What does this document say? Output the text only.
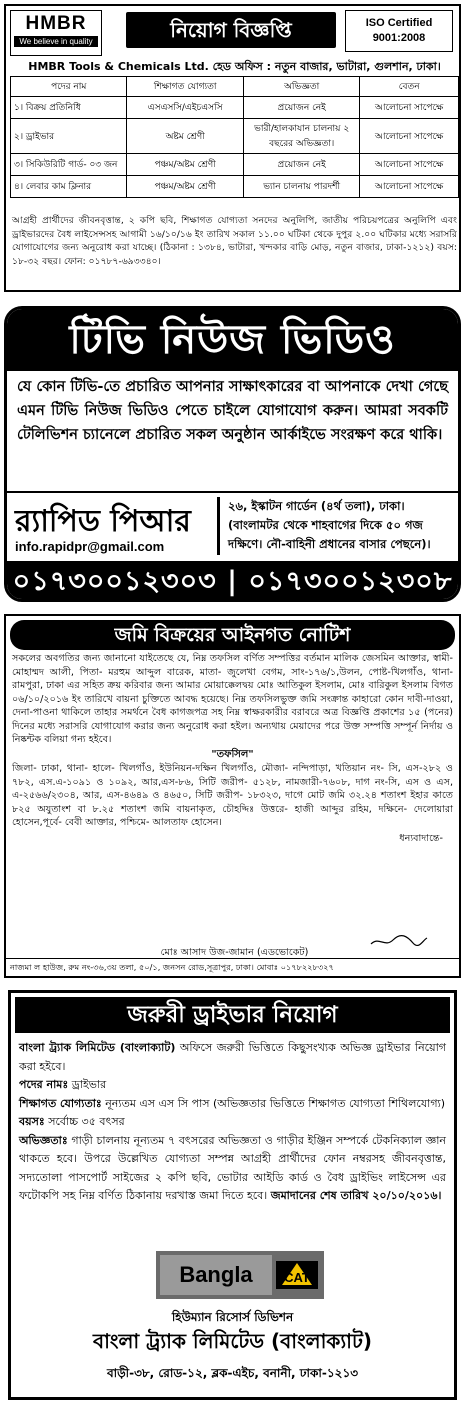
HMBR
We believe in quality	নিয়োগ বিজ্ঞপ্তি	ISO Certified
9001:2008
HMBR Tools & Chemicals Ltd. হেড অফিস : নতুন বাজার, ভাটারা, গুলশান, ঢাকা।
পদের নাম	শিক্ষাগত যোগ্যতা	অভিজ্ঞতা	বেতন
১। বিক্রয় প্রতিনিধি	এসএসসি/এইচএসসি	প্রয়োজন নেই	আলোচনা সাপেক্ষে
২। ড্রাইভার	অষ্টম শ্রেণী	ভারী/হালকাযান চালনায় ২ বছরের অভিজ্ঞতা।	আলোচনা সাপেক্ষে
৩। সিকিউরিটি গার্ড- ০৩ জন	পঞ্চম/অষ্টম শ্রেণী	প্রয়োজন নেই	আলোচনা সাপেক্ষে
৪। লেবার কাম ক্লিনার	পঞ্চম/অষ্টম শ্রেণী	ভ্যান চালনায় পারদর্শী	আলোচনা সাপেক্ষে
আগ্রহী প্রার্থীদের জীবনবৃত্তান্ত, ২ কপি ছবি, শিক্ষাগত যোগ্যতা সনদের অনুলিপি, জাতীয় পরিচয়পত্রের অনুলিপি এবং ড্রাইভারদের বৈধ লাইসেন্সসহ আগামী ১৬/১০/১৬ ইং তারিখ সকাল ১১.০০ ঘটিকা থেকে দুপুর ২.০০ ঘটিকার মধ্যে সরাসরি যোগাযোগের জন্য অনুরোধ করা যাচ্ছে। (ঠিকানা : ১৩৮৪, ভাটারা, খন্দকার বাড়ি মোড়, নতুন বাজার, ঢাকা-১২১২) বয়স: ১৮-৩২ বছর। ফোন: ০১৭৮৭-৬৯৩৩৪০।
টিভি নিউজ ভিডিও
যে কোন টিভি-তে প্রচারিত আপনার সাক্ষাৎকারের বা আপনাকে দেখা গেছে এমন টিভি নিউজ ভিডিও পেতে চাইলে যোগাযোগ করুন। আমরা সবকটি টেলিভিশন চ্যানেলে প্রচারিত সকল অনুষ্ঠান আর্কাইভে সংরক্ষণ করে থাকি।
র‍্যাপিড পিআর
info.rapidpr@gmail.com
২৬, ইস্কাটন গার্ডেন (৪র্থ তলা), ঢাকা। (বাংলামটর থেকে শাহবাগের দিকে ৫০ গজ দক্ষিণে। নৌ-বাহিনী প্রধানের বাসার পেছনে)।
০১৭৩০০১২৩০৩ | ০১৭৩০০১২৩০৮
জমি বিক্রয়ের আইনগত নোটিশ

সকলের অবগতির জন্য জানানো যাইতেছে যে, নিম্ন তফসিল বর্ণিত সম্পত্তির বর্তমান মালিক জেসমিন আক্তার, স্বামী- মোহাম্মদ আলী, পিতা- মরহুম আব্দুল বারেক, মাতা- জুলেখা বেগম, সাং-১৭৬/১,উলন, পোষ্ট-খিলগাঁও, থানা- রামপুরা, ঢাকা এর সহিত ক্রয় করিবার জন্য আমার মোয়াক্কেলদ্বয় মোঃ আতিকুল ইসলাম, মোঃ বারিকুল ইসলাম বিগত ০৬/১০/২০১৬ ইং তারিখে বায়না চুক্তিতে আবদ্ধ হয়েছে। নিম্ন তফসিলভুক্ত জমি সংক্রান্ত কাহারো কোন দাবী-দাওয়া, দেনা-পাওনা থাকিলে তাহার সমর্থনে বৈধ কাগজপত্র সহ নিম্ন স্বাক্ষরকারীর বরাবরে অত্র বিজ্ঞপ্তি প্রকাশের ১৫ (পনের) দিনের মধ্যে সরাসরি যোগাযোগ করার জন্য অনুরোধ করা হইল। অন্যথায় মেয়াদের পরে উক্ত সম্পত্তি সম্পূর্ন নির্দায় ও নিষ্কন্টক বলিয়া গন্য হইবে।

"তফসিল"

জিলা- ঢাকা, থানা- হালে- খিলগাঁও, ইউনিয়ন-দক্ষিন খিলগাঁও, মৌজা- নন্দিপাড়া, খতিয়ান নং- সি, এস-২৮২ ও ৭৮২, এস.এ-১০৯১ ও ১০৯২, আর,এস-৮৬, সিটি জরীপ- ৫১২৮, নামজারী-৭৬০৮, দাগ নং-সি, এস ও এস, এ-২৫৬৬/২৩০৪, আর, এস-৪৬৪৯ ও ৪৬৫০, সিটি জরীপ- ১৮৩২৩, দাগে মোট জমি ৩২.২৪ শতাংশ ইহার কাতে ৮২৫ অযুতাংশ বা ৮.২৫ শতাংশ জমি বায়নাকৃত, চৌহদ্দিঃ উত্তরে- হাজী আব্দুর রহিম, দক্ষিনে- দেলোয়ারা হোসেন,পূর্বে- বেবী আক্তার, পশ্চিমে- আলতাফ হোসেন।

ধন্যবাদান্তে-

মোঃ আসাদ উজ-জামান (এডভোকেট)
নাজমা ল হাউজ, রুম নং-৩৬,৩য় তলা, ৫০/১, জনসন রোড,সূত্রাপুর, ঢাকা। মোবাঃ ০১৭৮২২৮৩২৭
জরুরী ড্রাইভার নিয়োগ

বাংলা ট্র্যাক লিমিটেড (বাংলাক্যাট) অফিসে জরুরী ভিত্তিতে কিছুসংখ্যক অভিজ্ঞ ড্রাইভার নিয়োগ করা হইবে।

পদের নামঃ ড্রাইভার

শিক্ষাগত যোগ্যতাঃ নূন্যতম এস এস সি পাস (অভিজ্ঞতার ভিত্তিতে শিক্ষাগত যোগ্যতা শিথিলযোগ্য)

বয়সঃ সর্বোচ্চ ৩৫ বৎসর

অভিজ্ঞতাঃ গাড়ী চালনায় নূন্যতম ৭ বৎসরের অভিজ্ঞতা ও গাড়ীর ইঞ্জিন সম্পর্কে টেকনিক্যাল জ্ঞান থাকতে হবে। উপরে উল্লেখিত যোগ্যতা সম্পন্ন আগ্রহী প্রার্থীদের ফোন নম্বরসহ জীবনবৃত্তান্ত, সদ্যতোলা পাসপোর্ট সাইজের ২ কপি ছবি, ভোটার আইডি কার্ড ও বৈধ ড্রাইভিং লাইসেন্স এর ফটোকপি সহ নিম্ন বর্ণিত ঠিকানায় দরখাস্ত জমা দিতে হবে। জমাদানের শেষ তারিখ ২০/১০/২০১৬।

Bangla CAT
হিউম্যান রিসোর্স ডিভিশন
বাংলা ট্র্যাক লিমিটেড (বাংলাক্যাট)
বাড়ী-৩৮, রোড-১২, ব্লক-এইচ, বনানী, ঢাকা-১২১৩
